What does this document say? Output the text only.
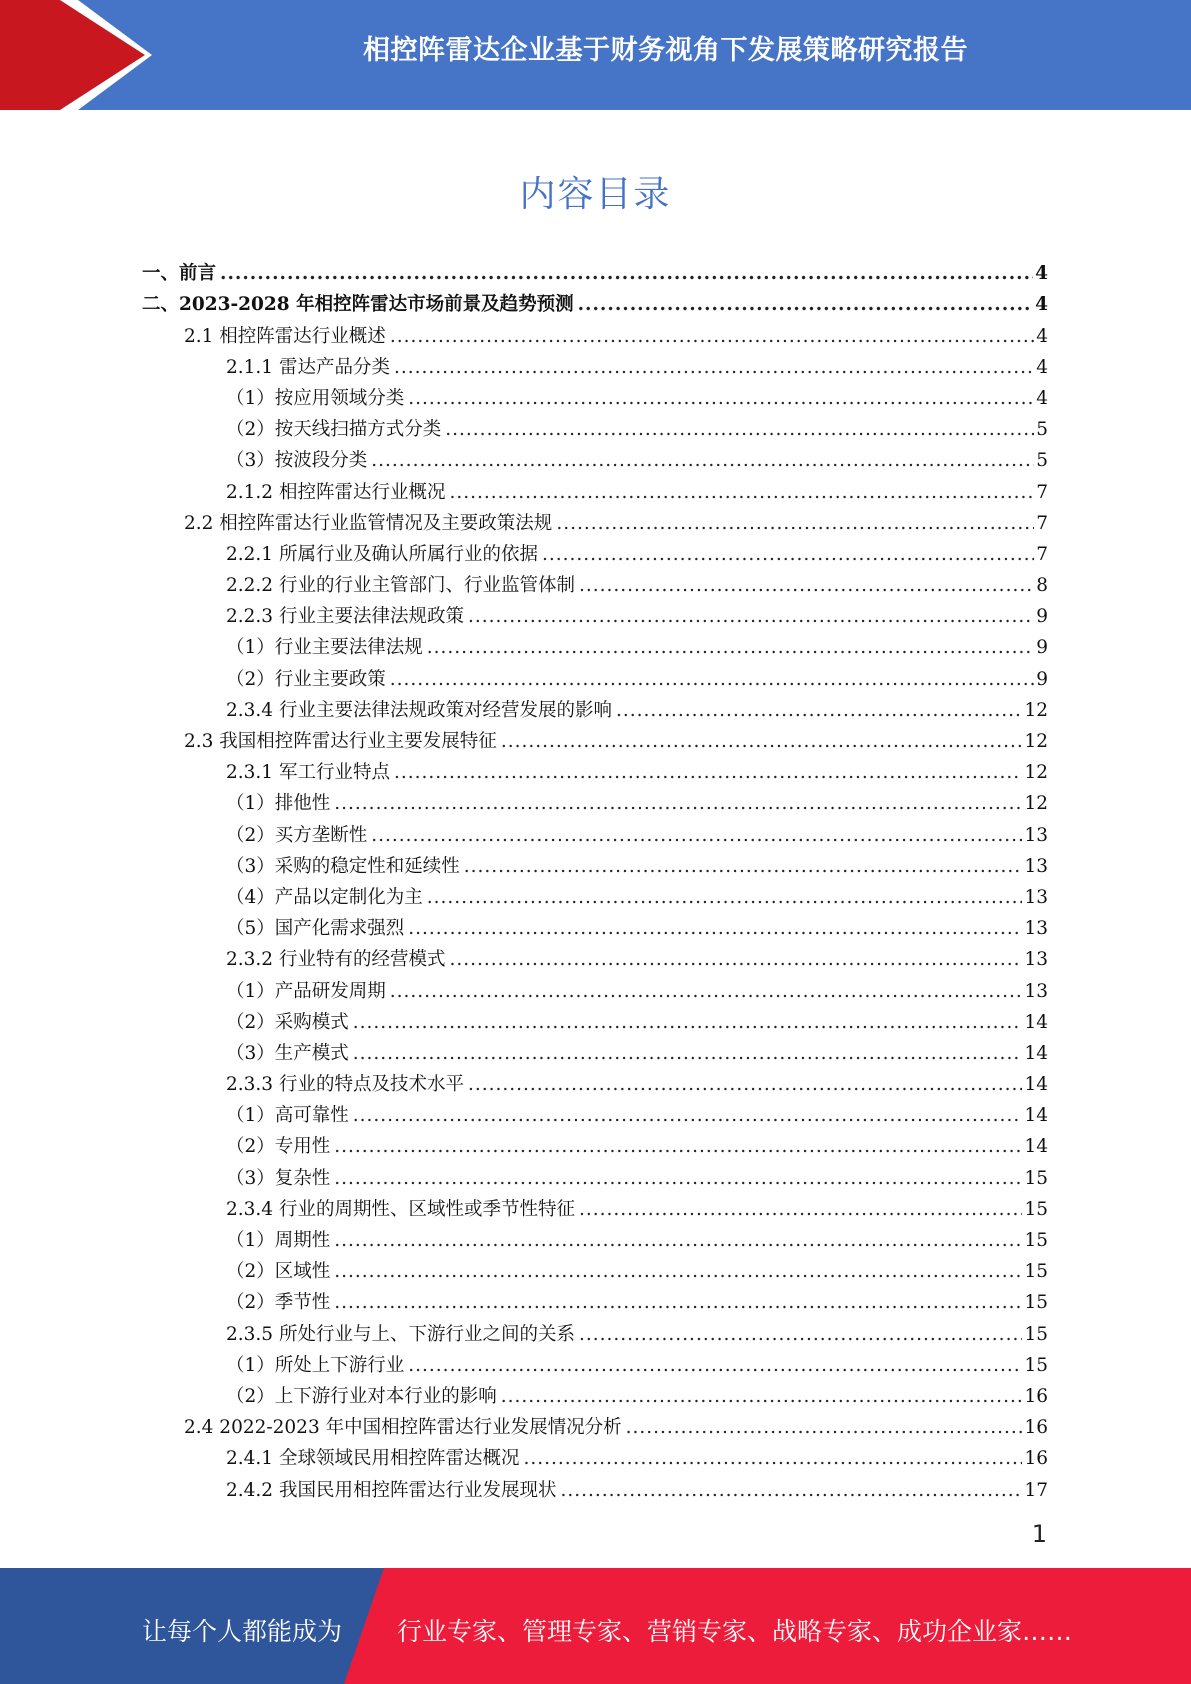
相控阵雷达企业基于财务视角下发展策略研究报告
内容目录
一、前言 .....	4
二、2023-2028 年相控阵雷达市场前景及趋势预测 .....	4
2.1 相控阵雷达行业概述 .....	4
2.1.1 雷达产品分类 .....	4
（1）按应用领域分类 .....	4
（2）按天线扫描方式分类 .....	5
（3）按波段分类 .....	5
2.1.2 相控阵雷达行业概况 .....	7
2.2 相控阵雷达行业监管情况及主要政策法规 .....	7
2.2.1 所属行业及确认所属行业的依据 .....	7
2.2.2 行业的行业主管部门、行业监管体制 .....	8
2.2.3 行业主要法律法规政策 .....	9
（1）行业主要法律法规 .....	9
（2）行业主要政策 .....	9
2.3.4 行业主要法律法规政策对经营发展的影响 .....	12
2.3 我国相控阵雷达行业主要发展特征 .....	12
2.3.1 军工行业特点 .....	12
（1）排他性 .....	12
（2）买方垄断性 .....	13
（3）采购的稳定性和延续性 .....	13
（4）产品以定制化为主 .....	13
（5）国产化需求强烈 .....	13
2.3.2 行业特有的经营模式 .....	13
（1）产品研发周期 .....	13
（2）采购模式 .....	14
（3）生产模式 .....	14
2.3.3 行业的特点及技术水平 .....	14
（1）高可靠性 .....	14
（2）专用性 .....	14
（3）复杂性 .....	15
2.3.4 行业的周期性、区域性或季节性特征 .....	15
（1）周期性 .....	15
（2）区域性 .....	15
（2）季节性 .....	15
2.3.5 所处行业与上、下游行业之间的关系 .....	15
（1）所处上下游行业 .....	15
（2）上下游行业对本行业的影响 .....	16
2.4 2022-2023 年中国相控阵雷达行业发展情况分析 .....	16
2.4.1 全球领域民用相控阵雷达概况 .....	16
2.4.2 我国民用相控阵雷达行业发展现状 .....	17
1
让每个人都能成为 行业专家、管理专家、营销专家、战略专家、成功企业家……
